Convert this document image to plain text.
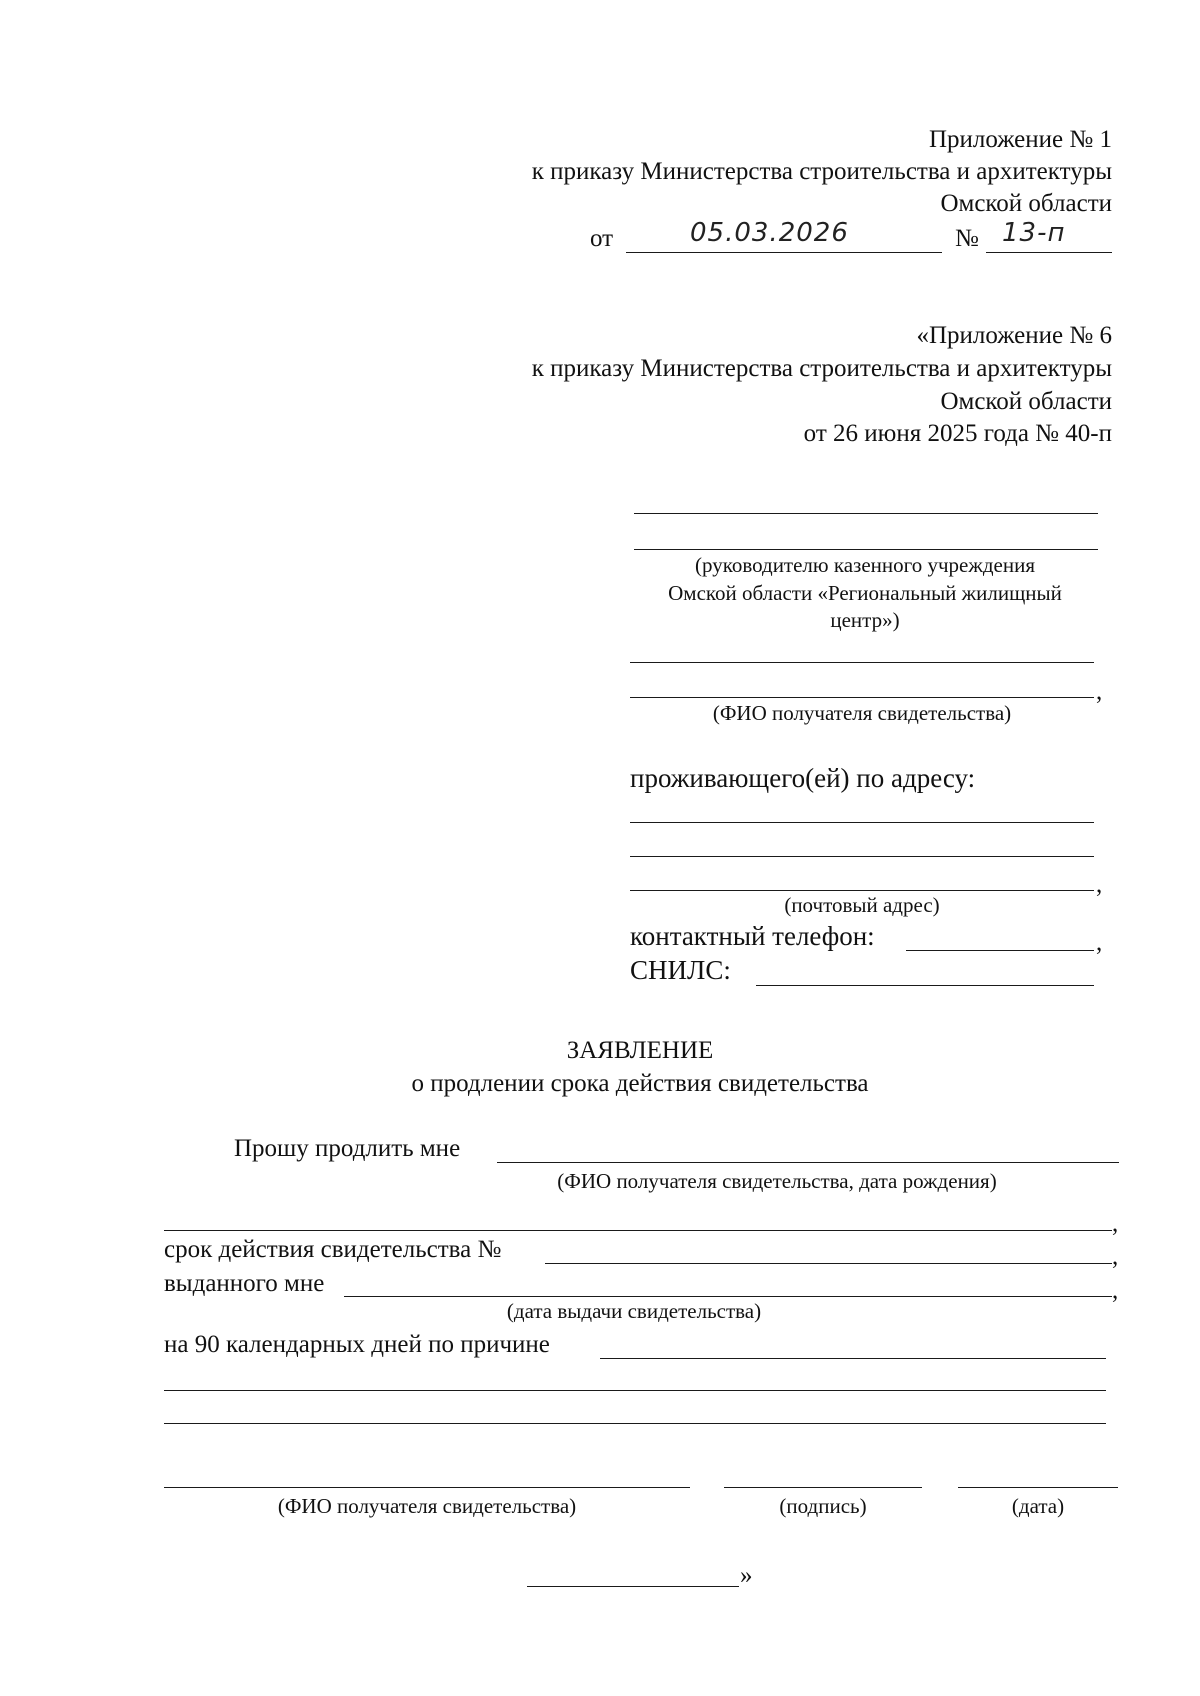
Приложение № 1
к приказу Министерства строительства и архитектуры
Омской области
от	05.03.2026	№ 13-п
«Приложение № 6
к приказу Министерства строительства и архитектуры
Омской области
от 26 июня 2025 года № 40-п
(руководителю казенного учреждения
Омской области «Региональный жилищный
центр»)
,
(ФИО получателя свидетельства)
проживающего(ей) по адресу:
,
(почтовый адрес)
контактный телефон:	,
СНИЛС:
ЗАЯВЛЕНИЕ
о продлении срока действия свидетельства
Прошу продлить мне
(ФИО получателя свидетельства, дата рождения)
,
срок действия свидетельства №	,
выданного мне	,
(дата выдачи свидетельства)
на 90 календарных дней по причине
(ФИО получателя свидетельства)	(подпись)	(дата)
»
